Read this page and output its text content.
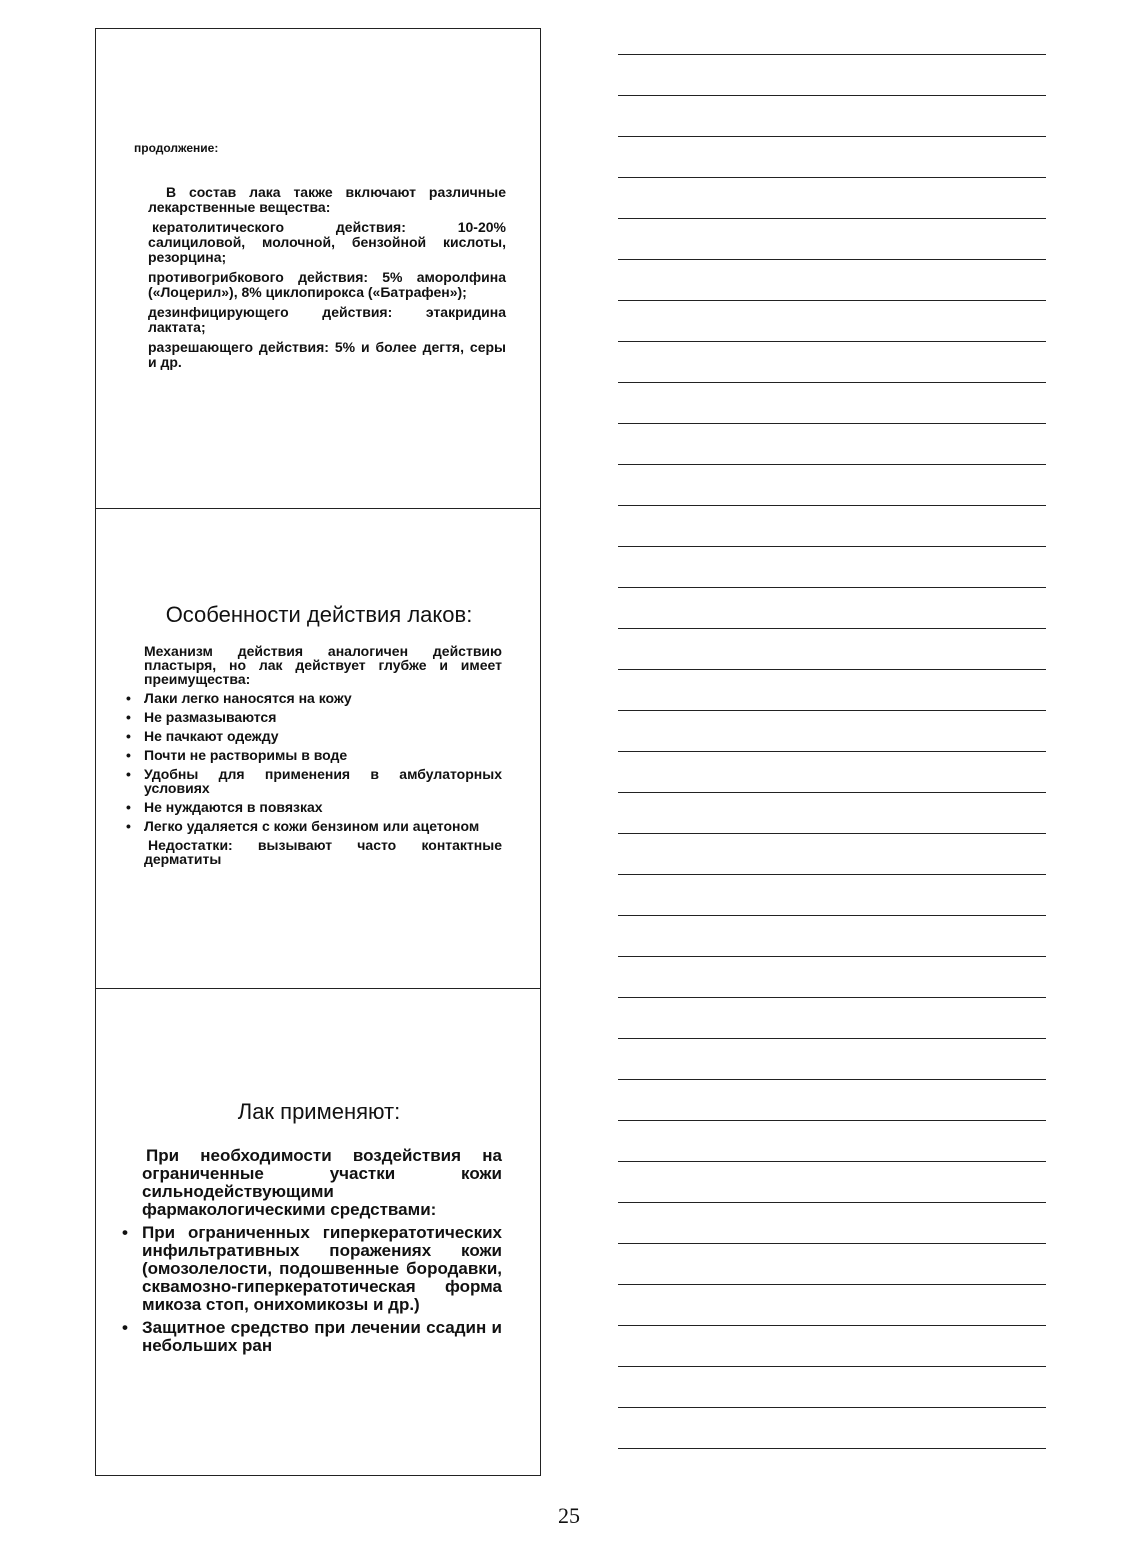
продолжение:

В состав лака также включают различные лекарственные вещества:

кератолитического действия: 10-20% салициловой, молочной, бензойной кислоты, резорцина;

противогрибкового действия: 5% аморолфина («Лоцерил»), 8% циклопирокса («Батрафен»);

дезинфицирующего действия: этакридина лактата;

разрешающего действия: 5% и более дегтя, серы и др.

Особенности действия лаков:

Механизм действия аналогичен действию пластыря, но лак действует глубже и имеет преимущества:

• Лаки легко наносятся на кожу
• Не размазываются
• Не пачкают одежду
• Почти не растворимы в воде
• Удобны для применения в амбулаторных условиях
• Не нуждаются в повязках
• Легко удаляется с кожи бензином или ацетоном

Недостатки: вызывают часто контактные дерматиты

Лак применяют:

При необходимости воздействия на ограниченные участки кожи сильнодействующими фармакологическими средствами:

• При ограниченных гиперкератотических инфильтративных поражениях кожи (омозолелости, подошвенные бородавки, сквамозно-гиперкератотическая форма микоза стоп, онихомикозы и др.)
• Защитное средство при лечении ссадин и небольших ран
25
